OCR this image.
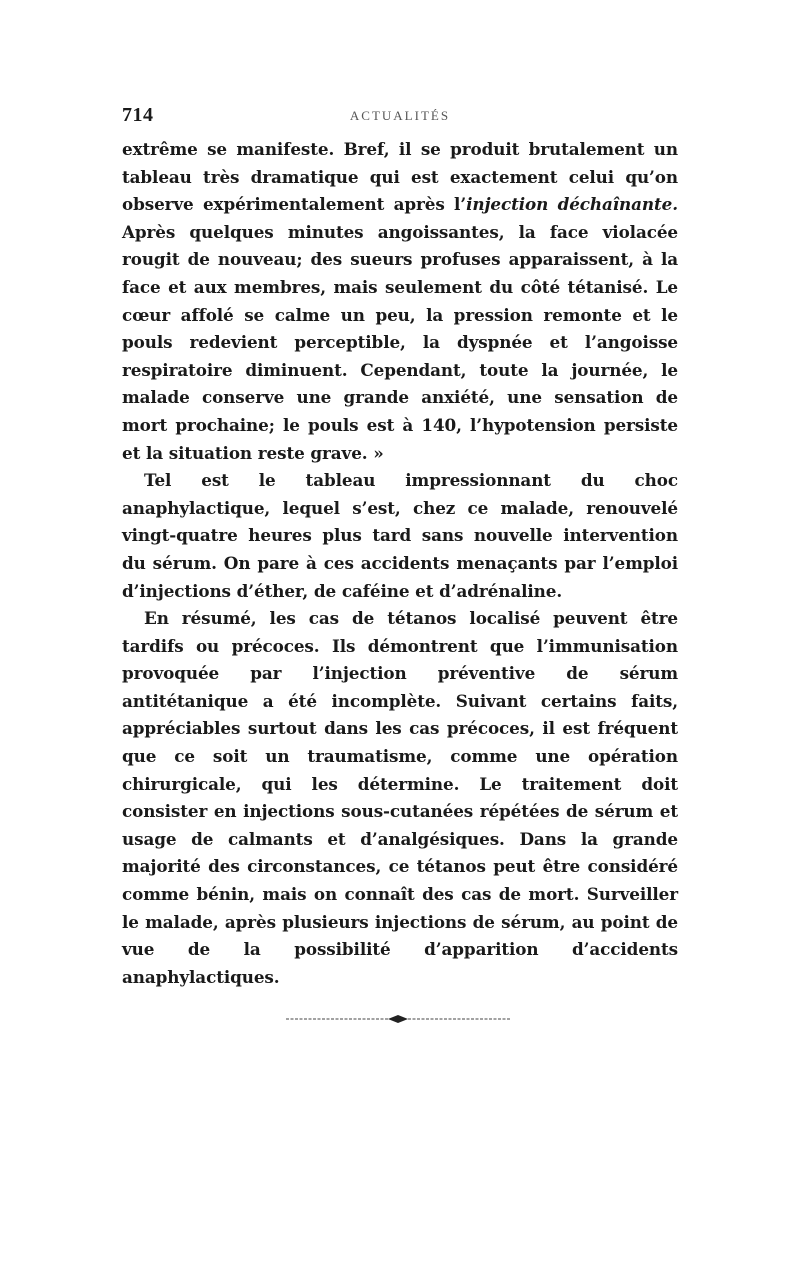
714	ACTUALITÉS

extrême se manifeste. Bref, il se produit brutalement un tableau très dramatique qui est exactement celui qu’on observe expérimentalement après l’injection déchaînante. Après quelques minutes angoissantes, la face violacée rougit de nouveau; des sueurs profuses apparaissent, à la face et aux membres, mais seulement du côté tétanisé. Le cœur affolé se calme un peu, la pression remonte et le pouls redevient perceptible, la dyspnée et l’angoisse respiratoire diminuent. Cependant, toute la journée, le malade conserve une grande anxiété, une sensation de mort prochaine; le pouls est à 140, l’hypotension persiste et la situation reste grave. »

Tel est le tableau impressionnant du choc anaphylactique, lequel s’est, chez ce malade, renouvelé vingt-quatre heures plus tard sans nouvelle intervention du sérum. On pare à ces accidents menaçants par l’emploi d’injections d’éther, de caféine et d’adrénaline.

En résumé, les cas de tétanos localisé peuvent être tardifs ou précoces. Ils démontrent que l’immunisation provoquée par l’injection préventive de sérum antitétanique a été incomplète. Suivant certains faits, appréciables surtout dans les cas précoces, il est fréquent que ce soit un traumatisme, comme une opération chirurgicale, qui les détermine. Le traitement doit consister en injections sous-cutanées répétées de sérum et usage de calmants et d’analgésiques. Dans la grande majorité des circonstances, ce tétanos peut être considéré comme bénin, mais on connaît des cas de mort. Surveiller le malade, après plusieurs injections de sérum, au point de vue de la possibilité d’apparition d’accidents anaphylactiques.
